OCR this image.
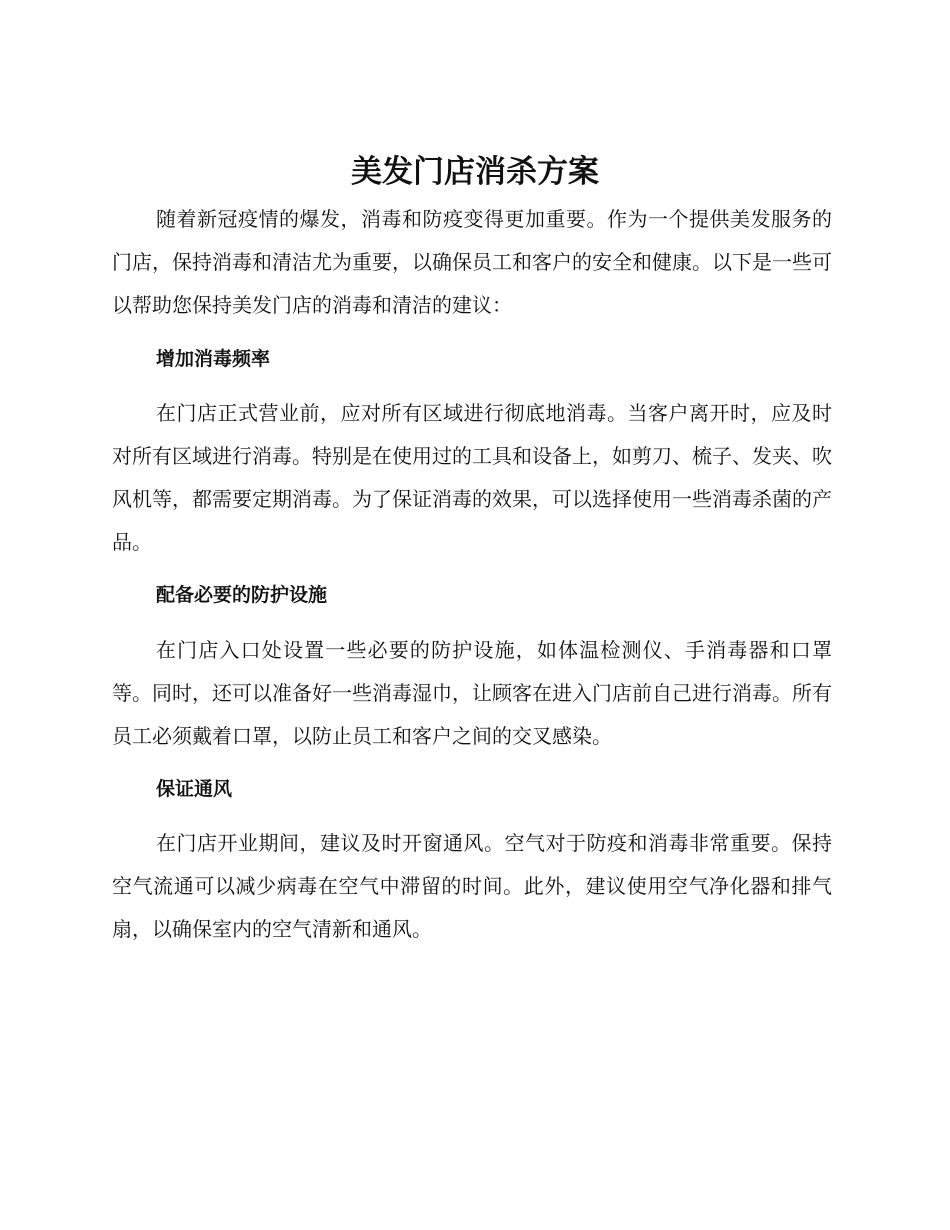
美发门店消杀方案

随着新冠疫情的爆发，消毒和防疫变得更加重要。作为一个提供美发服务的门店，保持消毒和清洁尤为重要，以确保员工和客户的安全和健康。以下是一些可以帮助您保持美发门店的消毒和清洁的建议：

增加消毒频率

在门店正式营业前，应对所有区域进行彻底地消毒。当客户离开时，应及时对所有区域进行消毒。特别是在使用过的工具和设备上，如剪刀、梳子、发夹、吹风机等，都需要定期消毒。为了保证消毒的效果，可以选择使用一些消毒杀菌的产品。

配备必要的防护设施

在门店入口处设置一些必要的防护设施，如体温检测仪、手消毒器和口罩等。同时，还可以准备好一些消毒湿巾，让顾客在进入门店前自己进行消毒。所有员工必须戴着口罩，以防止员工和客户之间的交叉感染。

保证通风

在门店开业期间，建议及时开窗通风。空气对于防疫和消毒非常重要。保持空气流通可以减少病毒在空气中滞留的时间。此外，建议使用空气净化器和排气扇，以确保室内的空气清新和通风。
